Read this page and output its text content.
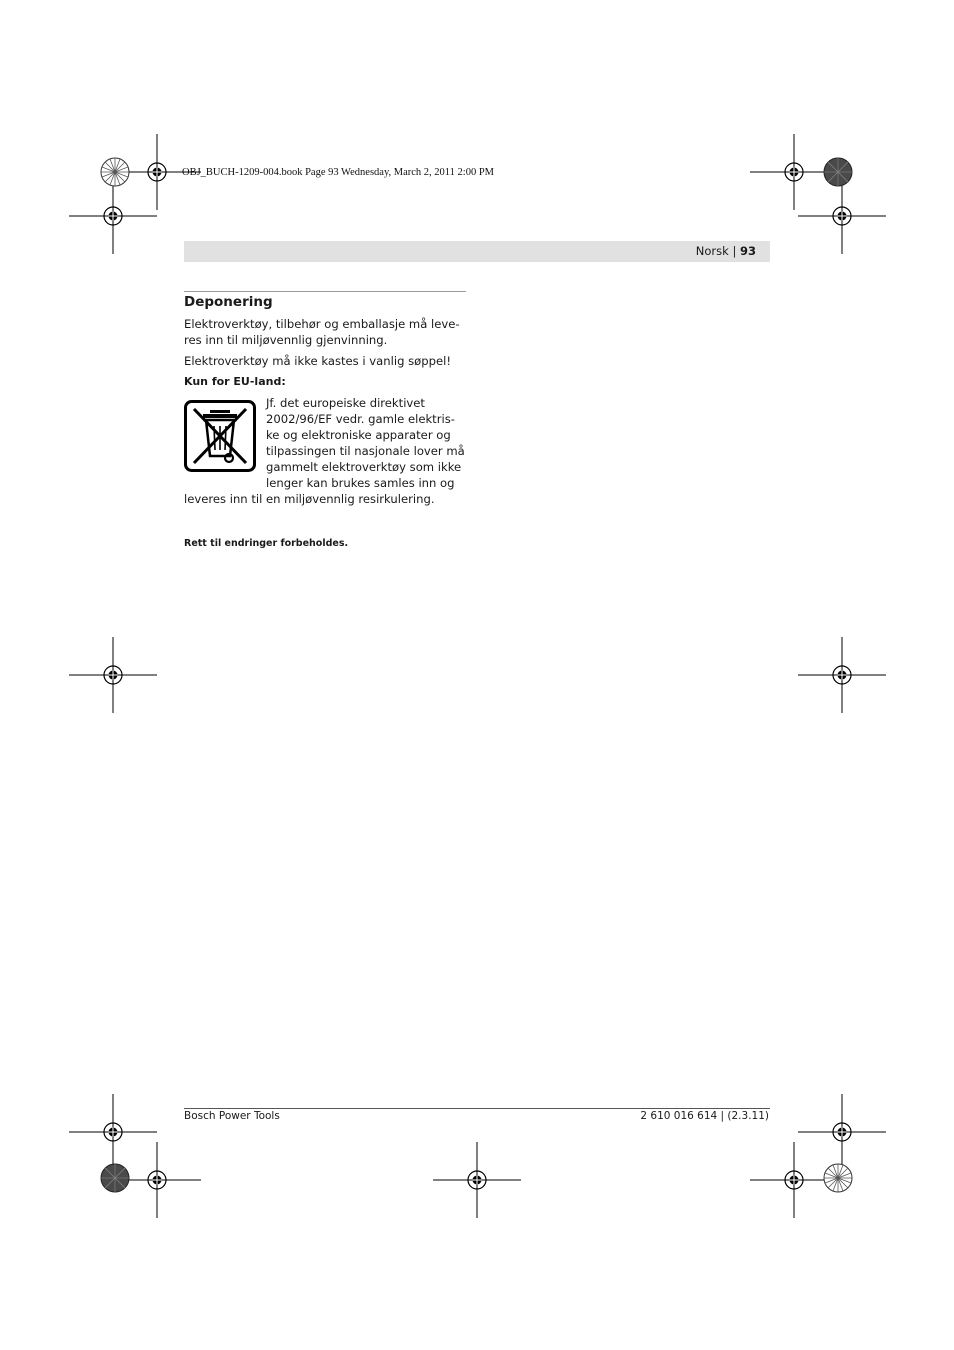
OBJ_BUCH-1209-004.book Page 93 Wednesday, March 2, 2011 2:00 PM
Norsk | 93
Deponering
Elektroverktøy, tilbehør og emballasje må leve-
res inn til miljøvennlig gjenvinning.
Elektroverktøy må ikke kastes i vanlig søppel!
Kun for EU-land:
Jf. det europeiske direktivet
2002/96/EF vedr. gamle elektris-
ke og elektroniske apparater og
tilpassingen til nasjonale lover må
gammelt elektroverktøy som ikke
lenger kan brukes samles inn og
leveres inn til en miljøvennlig resirkulering.
Rett til endringer forbeholdes.
Bosch Power Tools	2 610 016 614 | (2.3.11)
